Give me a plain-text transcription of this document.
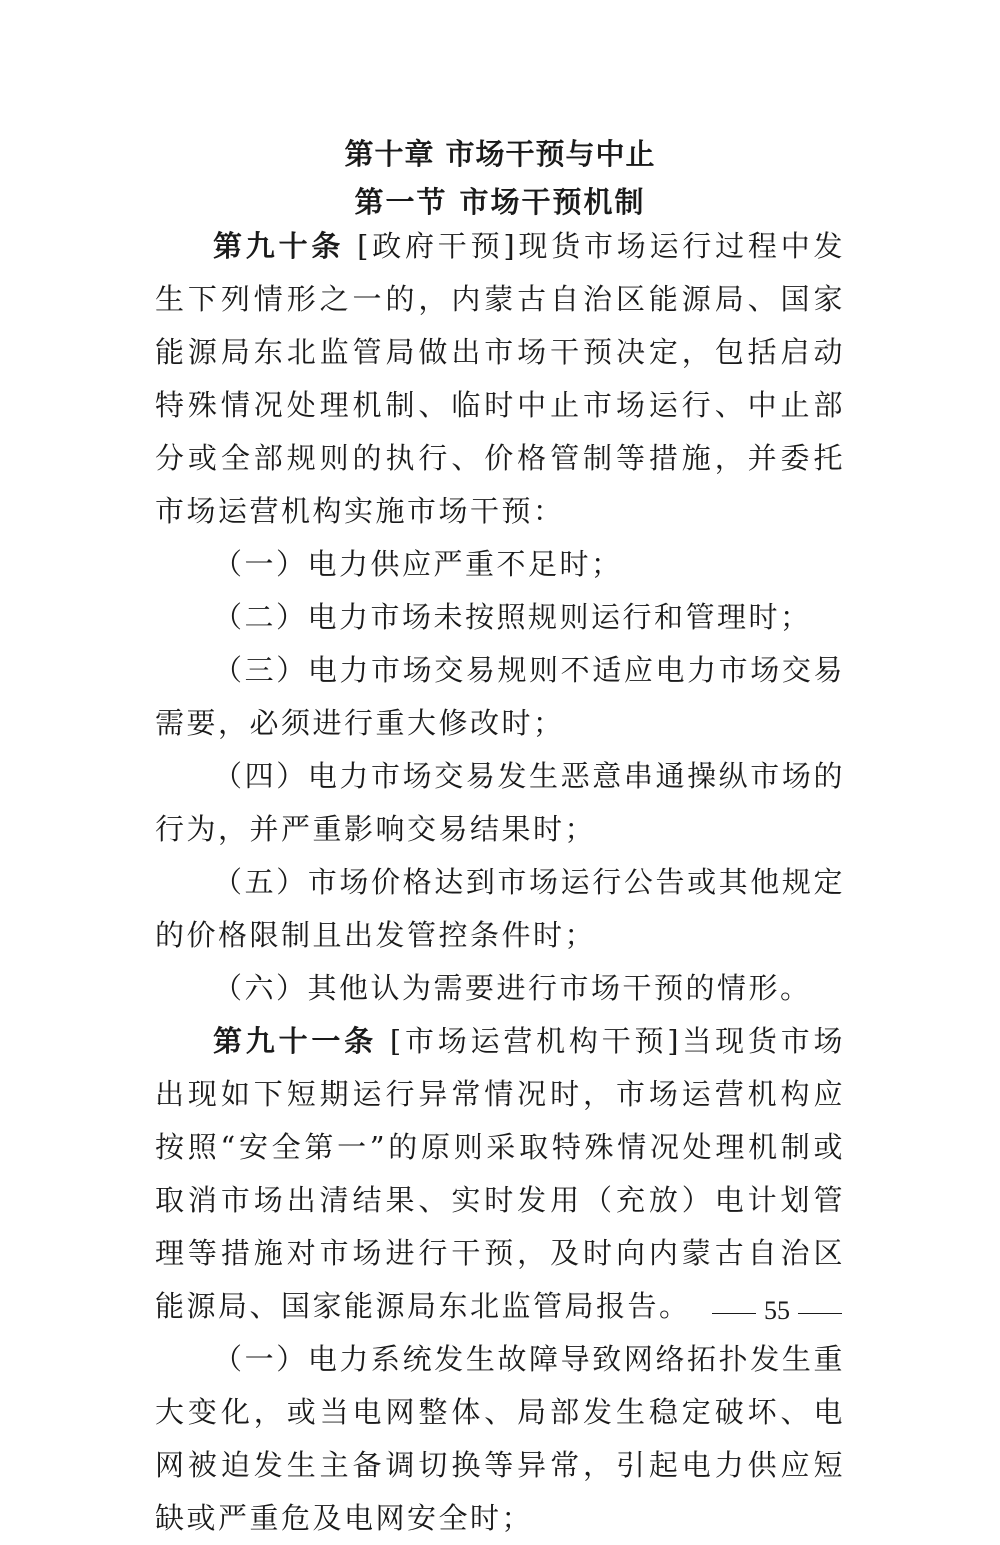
第十章 市场干预与中止
第一节 市场干预机制

第九十条 [政府干预]现货市场运行过程中发生下列情形之一的，内蒙古自治区能源局、国家能源局东北监管局做出市场干预决定，包括启动特殊情况处理机制、临时中止市场运行、中止部分或全部规则的执行、价格管制等措施，并委托市场运营机构实施市场干预：

（一）电力供应严重不足时；

（二）电力市场未按照规则运行和管理时；

（三）电力市场交易规则不适应电力市场交易需要，必须进行重大修改时；

（四）电力市场交易发生恶意串通操纵市场的行为，并严重影响交易结果时；

（五）市场价格达到市场运行公告或其他规定的价格限制且出发管控条件时；

（六）其他认为需要进行市场干预的情形。

第九十一条 [市场运营机构干预]当现货市场出现如下短期运行异常情况时，市场运营机构应按照“安全第一”的原则采取特殊情况处理机制或取消市场出清结果、实时发用（充放）电计划管理等措施对市场进行干预，及时向内蒙古自治区能源局、国家能源局东北监管局报告。

（一）电力系统发生故障导致网络拓扑发生重大变化，或当电网整体、局部发生稳定破坏、电网被迫发生主备调切换等异常，引起电力供应短缺或严重危及电网安全时；

55
